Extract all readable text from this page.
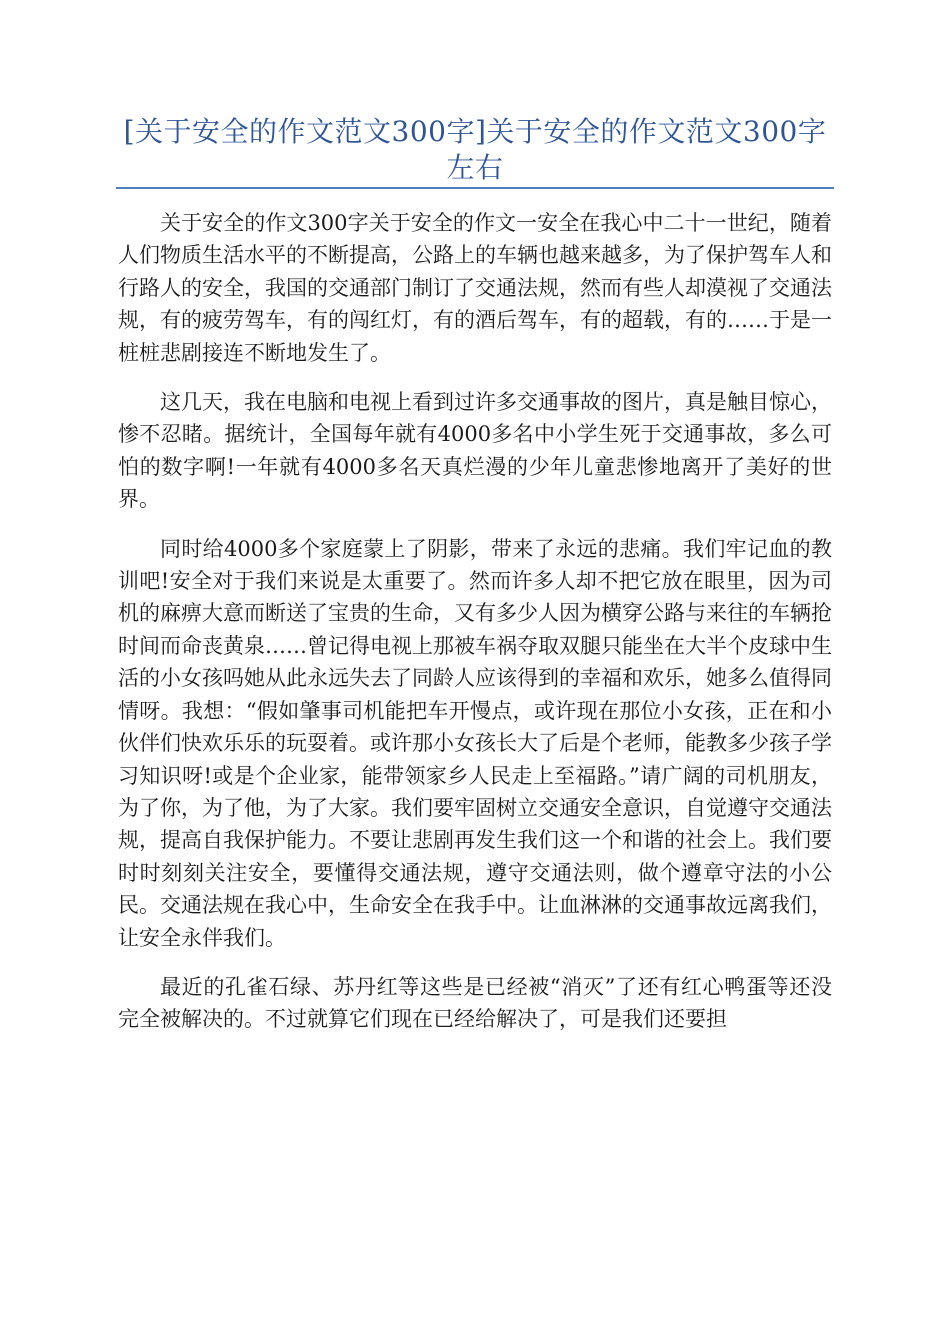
[关于安全的作文范文300字]关于安全的作文范文300字左右

关于安全的作文300字关于安全的作文一安全在我心中二十一世纪，随着人们物质生活水平的不断提高，公路上的车辆也越来越多，为了保护驾车人和行路人的安全，我国的交通部门制订了交通法规，然而有些人却漠视了交通法规，有的疲劳驾车，有的闯红灯，有的酒后驾车，有的超载，有的……于是一桩桩悲剧接连不断地发生了。

这几天，我在电脑和电视上看到过许多交通事故的图片，真是触目惊心，惨不忍睹。据统计，全国每年就有4000多名中小学生死于交通事故，多么可怕的数字啊!一年就有4000多名天真烂漫的少年儿童悲惨地离开了美好的世界。

同时给4000多个家庭蒙上了阴影，带来了永远的悲痛。我们牢记血的教训吧!安全对于我们来说是太重要了。然而许多人却不把它放在眼里，因为司机的麻痹大意而断送了宝贵的生命，又有多少人因为横穿公路与来往的车辆抢时间而命丧黄泉……曾记得电视上那被车祸夺取双腿只能坐在大半个皮球中生活的小女孩吗她从此永远失去了同龄人应该得到的幸福和欢乐，她多么值得同情呀。我想：“假如肇事司机能把车开慢点，或许现在那位小女孩，正在和小伙伴们快欢乐乐的玩耍着。或许那小女孩长大了后是个老师，能教多少孩子学习知识呀!或是个企业家，能带领家乡人民走上至福路。”请广阔的司机朋友，为了你，为了他，为了大家。我们要牢固树立交通安全意识，自觉遵守交通法规，提高自我保护能力。不要让悲剧再发生我们这一个和谐的社会上。我们要时时刻刻关注安全，要懂得交通法规，遵守交通法则，做个遵章守法的小公民。交通法规在我心中，生命安全在我手中。让血淋淋的交通事故远离我们，让安全永伴我们。

最近的孔雀石绿、苏丹红等这些是已经被“消灭”了还有红心鸭蛋等还没完全被解决的。不过就算它们现在已经给解决了，可是我们还要担
